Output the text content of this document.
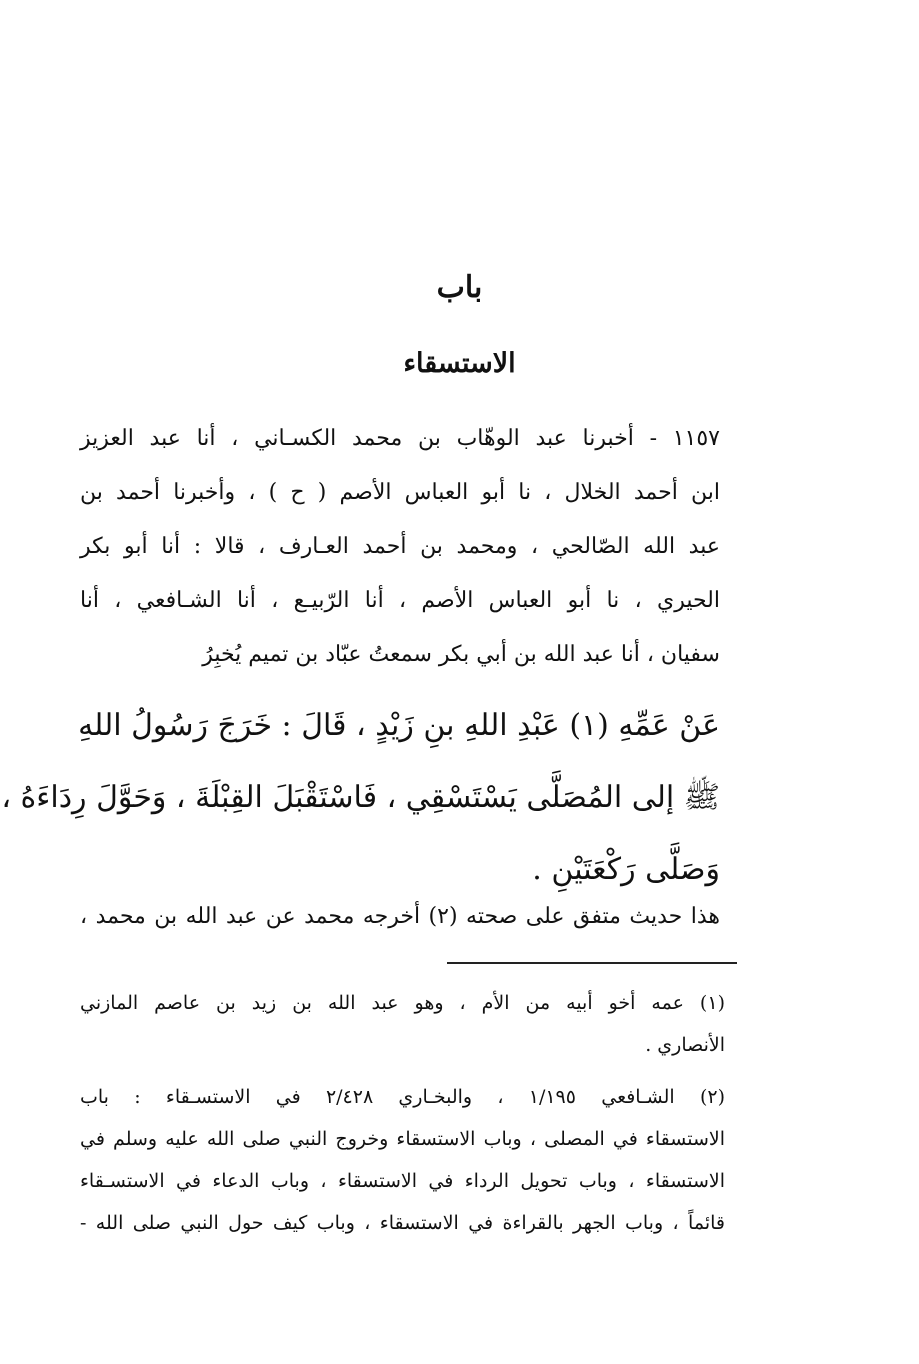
باب
الاستسقاء
١١٥٧ - أخبرنا عبد الوهّاب بن محمد الكسـاني ، أنا عبد العزيز
ابن أحمد الخلال ، نا أبو العباس الأصم ( ح ) ، وأخبرنا أحمد بن
عبد الله الصّالحي ، ومحمد بن أحمد العـارف ، قالا : أنا أبو بكر
الحيري ، نا أبو العباس الأصم ، أنا الرّبيـع ، أنا الشـافعي ، أنا
سفيان ، أنا عبد الله بن أبي بكر سمعتُ عبّاد بن تميم يُخبِرُ
عَنْ عَمِّهِ (١) عَبْدِ اللهِ بنِ زَيْدٍ ، قَالَ : خَرَجَ رَسُولُ اللهِ
ﷺ إلى المُصَلَّى يَسْتَسْقِي ، فَاسْتَقْبَلَ القِبْلَةَ ، وَحَوَّلَ رِدَاءَهُ ،
وَصَلَّى رَكْعَتَيْنِ .
هذا حديث متفق على صحته (٢) أخرجه محمد عن عبد الله بن محمد ،
(١) عمه أخو أبيه من الأم ، وهو عبد الله بن زيد بن عاصم المازني
الأنصاري .
(٢) الشـافعي ١/١٩٥ ، والبخـاري ٢/٤٢٨ في الاستسـقاء : باب
الاستسقاء في المصلى ، وباب الاستسقاء وخروج النبي صلى الله عليه وسلم في
الاستسقاء ، وباب تحويل الرداء في الاستسقاء ، وباب الدعاء في الاستسـقاء
قائماً ، وباب الجهر بالقراءة في الاستسقاء ، وباب كيف حول النبي صلى الله -
